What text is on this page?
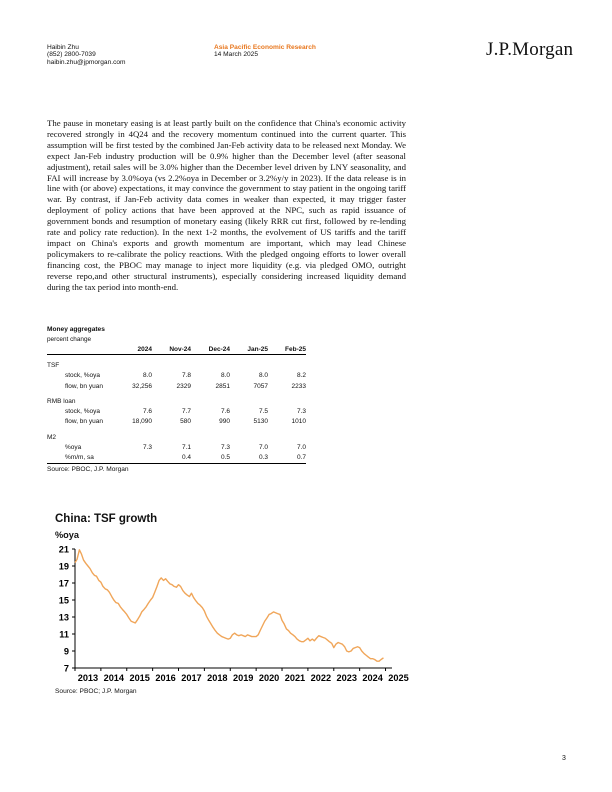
Haibin Zhu
(852) 2800-7039
haibin.zhu@jpmorgan.com
Asia Pacific Economic Research
14 March 2025	J.P.Morgan
The pause in monetary easing is at least partly built on the confidence that China's economic activity recovered strongly in 4Q24 and the recovery momentum continued into the current quarter. This assumption will be first tested by the combined Jan-Feb activity data to be released next Monday. We expect Jan-Feb industry production will be 0.9% higher than the December level (after seasonal adjustment), retail sales will be 3.0% higher than the December level driven by LNY seasonality, and FAI will increase by 3.0%oya (vs 2.2%oya in December or 3.2%y/y in 2023). If the data release is in line with (or above) expectations, it may convince the government to stay patient in the ongoing tariff war. By contrast, if Jan-Feb activity data comes in weaker than expected, it may trigger faster deployment of policy actions that have been approved at the NPC, such as rapid issuance of government bonds and resumption of monetary easing (likely RRR cut first, followed by re-lending rate and policy rate reduction). In the next 1-2 months, the evolvement of US tariffs and the tariff impact on China's exports and growth momentum are important, which may lead Chinese policymakers to re-calibrate the policy reactions. With the pledged ongoing efforts to lower overall financing cost, the PBOC may manage to inject more liquidity (e.g. via pledged OMO, outright reverse repo,and other structural instruments), especially considering increased liquidity demand during the tax period into month-end.
Money aggregates
percent change
	2024	Nov-24	Dec-24	Jan-25	Feb-25

TSF					
stock, %oya	8.0	7.8	8.0	8.0	8.2
flow, bn yuan	32,256	2329	2851	7057	2233

RMB loan					
stock, %oya	7.6	7.7	7.6	7.5	7.3
flow, bn yuan	18,090	580	990	5130	1010

M2					
%oya	7.3	7.1	7.3	7.0	7.0
%m/m, sa		0.4	0.5	0.3	0.7
Source: PBOC, J.P. Morgan
China: TSF growth
%oya
7
9
11
13
15
17
19
21
2013 2014 2015 2016 2017 2018 2019 2020 2021 2022 2023 2024 2025
Source: PBOC; J.P. Morgan
3
